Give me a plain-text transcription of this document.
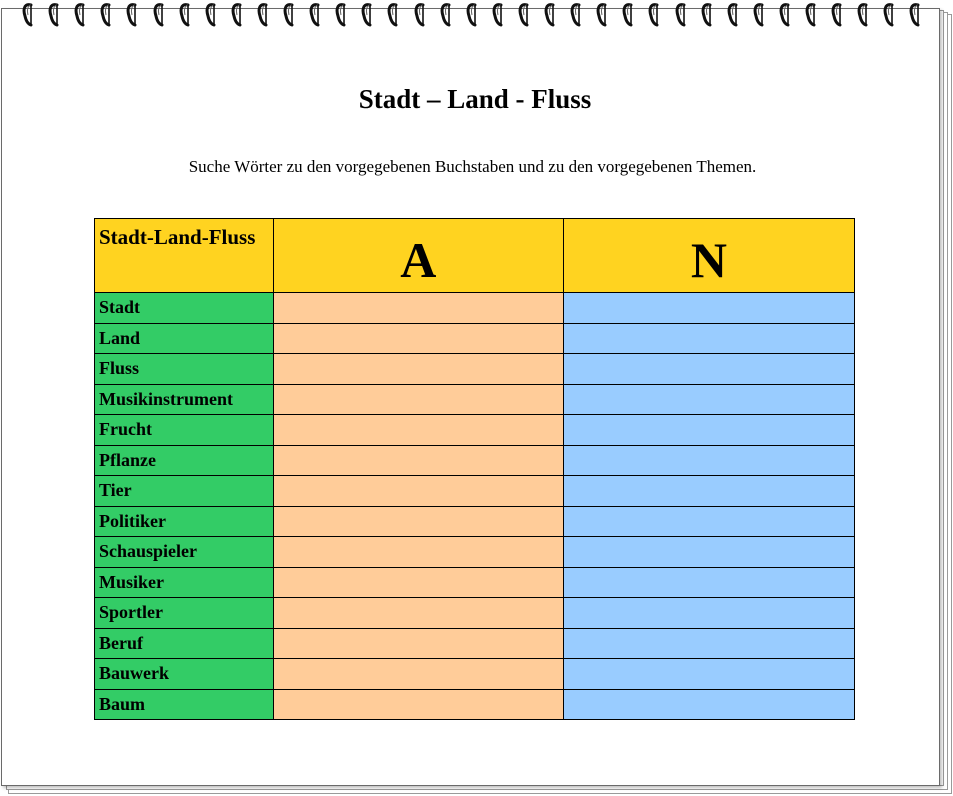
Stadt – Land - Fluss
Suche Wörter zu den vorgegebenen Buchstaben und zu den vorgegebenen Themen.
Stadt-Land-Fluss	A	N
Stadt		
Land		
Fluss		
Musikinstrument		
Frucht		
Pflanze		
Tier		
Politiker		
Schauspieler		
Musiker		
Sportler		
Beruf		
Bauwerk		
Baum		
